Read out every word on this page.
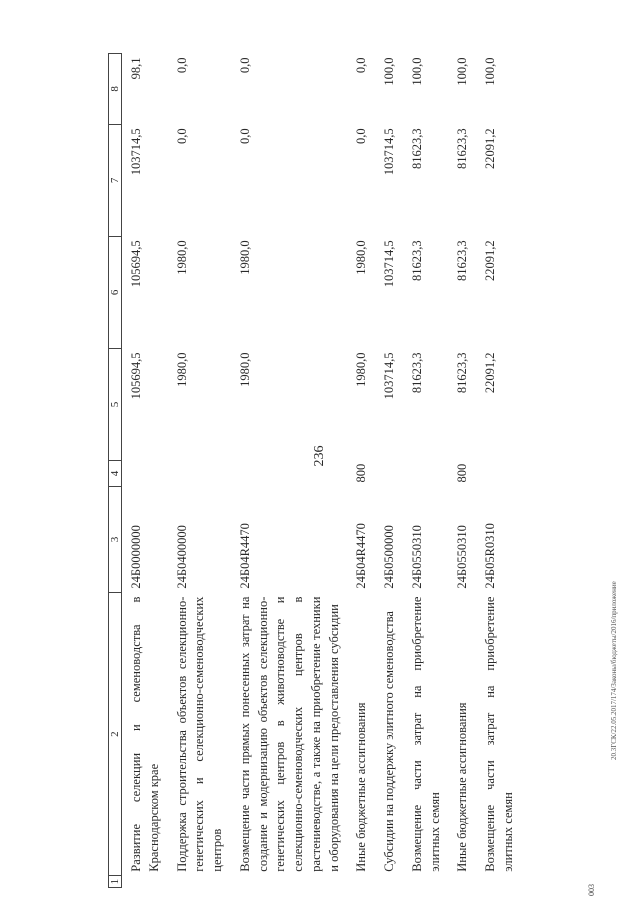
236
20.3ГСК/22.05.2017/174/Законы/бюджеты/2016/приложение
003
1	2	3	4	5	6	7	8
	Развитие селекции и семеноводства в Краснодарском крае	24Б0000000		105694,5	105694,5	103714,5	98,1
	Поддержка строительства объектов селекционно-генетических и селекционно-семеноводческих центров	24Б0400000		1980,0	1980,0	0,0	0,0
	Возмещение части прямых понесенных затрат на создание и модернизацию объектов селекционно-генетических центров в животноводстве и селекционно-семеноводческих центров в растениеводстве, а также на приобретение техники и оборудования на цели предоставления субсидии	24Б04R4470		1980,0	1980,0	0,0	0,0
	Иные бюджетные ассигнования	24Б04R4470	800	1980,0	1980,0	0,0	0,0
	Субсидии на поддержку элитного семеноводства	24Б0500000		103714,5	103714,5	103714,5	100,0
	Возмещение части затрат на приобретение элитных семян	24Б0550310		81623,3	81623,3	81623,3	100,0
	Иные бюджетные ассигнования	24Б0550310	800	81623,3	81623,3	81623,3	100,0
	Возмещение части затрат на приобретение элитных семян	24Б05R0310		22091,2	22091,2	22091,2	100,0
